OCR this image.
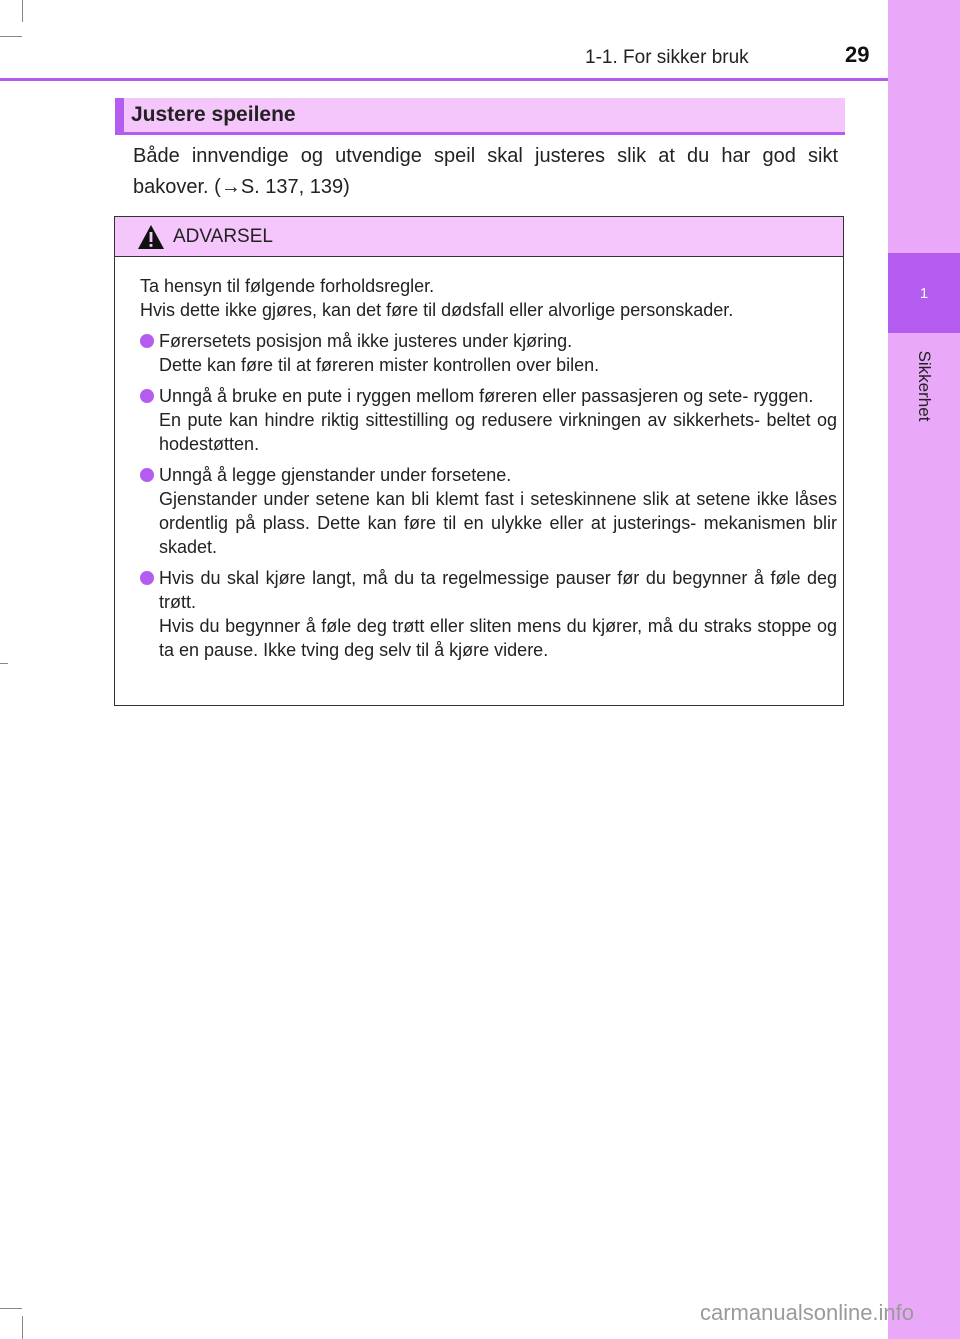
1
Sikkerhet
1-1. For sikker bruk	29
Justere speilene
Både innvendige og utvendige speil skal justeres slik at du har god sikt bakover. (→S. 137, 139)
ADVARSEL

Ta hensyn til følgende forholdsregler.

Hvis dette ikke gjøres, kan det føre til dødsfall eller alvorlige personskader.

Førersetets posisjon må ikke justeres under kjøring.
Dette kan føre til at føreren mister kontrollen over bilen.
Unngå å bruke en pute i ryggen mellom føreren eller passasjeren og sete- ryggen.
En pute kan hindre riktig sittestilling og redusere virkningen av sikkerhets- beltet og hodestøtten.
Unngå å legge gjenstander under forsetene.
Gjenstander under setene kan bli klemt fast i seteskinnene slik at setene ikke låses ordentlig på plass. Dette kan føre til en ulykke eller at justerings- mekanismen blir skadet.
Hvis du skal kjøre langt, må du ta regelmessige pauser før du begynner å føle deg trøtt.
Hvis du begynner å føle deg trøtt eller sliten mens du kjører, må du straks stoppe og ta en pause. Ikke tving deg selv til å kjøre videre.
carmanualsonline.info
